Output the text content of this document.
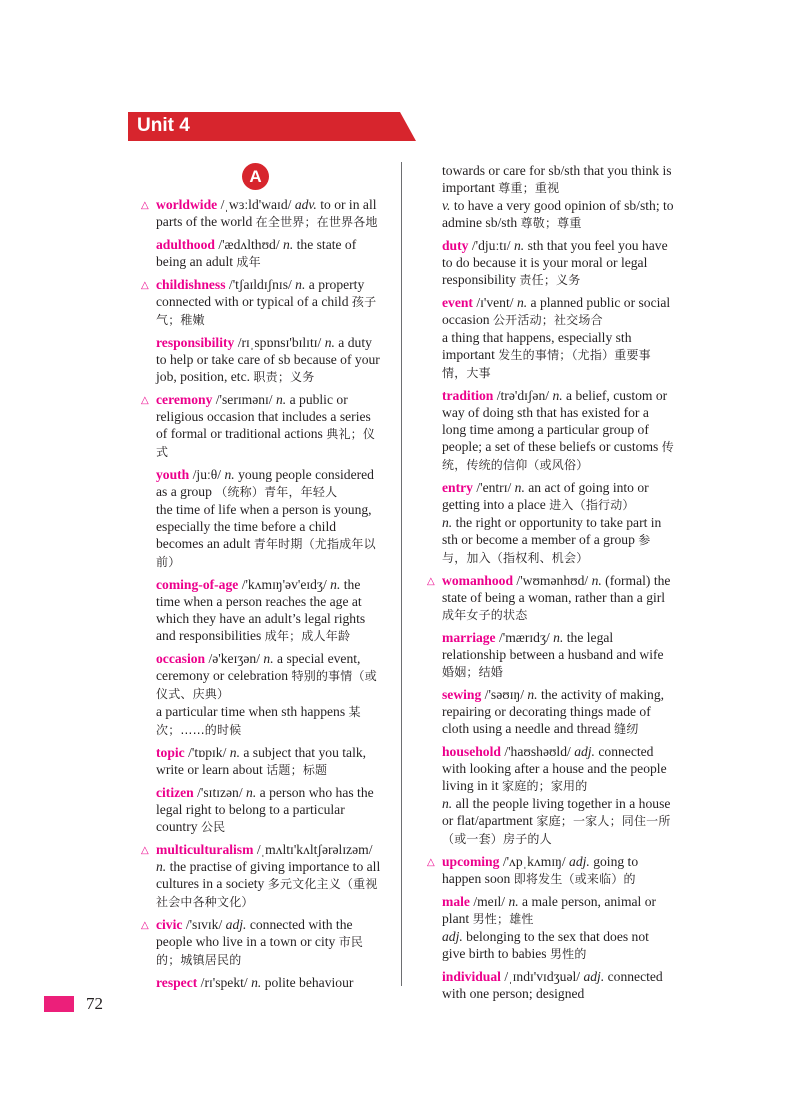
Unit 4
A
△ worldwide /ˌwɜːld'waɪd/ adv. to or in all parts of the world 在全世界；在世界各地
adulthood /'ædʌlthʊd/ n. the state of being an adult 成年
△ childishness /'tʃaɪldɪʃnɪs/ n. a property connected with or typical of a child 孩子气；稚嫩
responsibility /rɪˌspɒnsɪ'bɪlɪtɪ/ n. a duty to help or take care of sb because of your job, position, etc. 职责；义务
△ ceremony /'serɪmənɪ/ n. a public or religious occasion that includes a series of formal or traditional actions 典礼；仪式
youth /juːθ/ n. young people considered as a group （统称）青年，年轻人
the time of life when a person is young, especially the time before a child becomes an adult 青年时期（尤指成年以前）
coming-of-age /'kʌmɪŋ'əv'eɪdʒ/ n. the time when a person reaches the age at which they have an adult’s legal rights and responsibilities 成年；成人年龄
occasion /ə'keɪʒən/ n. a special event, ceremony or celebration 特别的事情（或仪式、庆典）
a particular time when sth happens 某次；……的时候
topic /'tɒpɪk/ n. a subject that you talk, write or learn about 话题；标题
citizen /'sɪtɪzən/ n. a person who has the legal right to belong to a particular country 公民
△ multiculturalism /ˌmʌltɪ'kʌltʃərəlɪzəm/ n. the practise of giving importance to all cultures in a society 多元文化主义（重视社会中各种文化）
△ civic /'sɪvɪk/ adj. connected with the people who live in a town or city 市民的；城镇居民的
respect /rɪ'spekt/ n. polite behaviour
towards or care for sb/sth that you think is important 尊重；重视
v. to have a very good opinion of sb/sth; to admine sb/sth 尊敬；尊重
duty /'djuːtɪ/ n. sth that you feel you have to do because it is your moral or legal responsibility 责任；义务
event /ɪ'vent/ n. a planned public or social occasion 公开活动；社交场合
a thing that happens, especially sth important 发生的事情；（尤指）重要事情，大事
tradition /trə'dɪʃən/ n. a belief, custom or way of doing sth that has existed for a long time among a particular group of people; a set of these beliefs or customs 传统，传统的信仰（或风俗）
entry /'entrɪ/ n. an act of going into or getting into a place 进入（指行动）
n. the right or opportunity to take part in sth or become a member of a group 参与，加入（指权利、机会）
△ womanhood /'wʊmənhʊd/ n. (formal) the state of being a woman, rather than a girl 成年女子的状态
marriage /'mærɪdʒ/ n. the legal relationship between a husband and wife 婚姻；结婚
sewing /'səʊɪŋ/ n. the activity of making, repairing or decorating things made of cloth using a needle and thread 缝纫
household /'haʊshəʊld/ adj. connected with looking after a house and the people living in it 家庭的；家用的
n. all the people living together in a house or flat/apartment 家庭；一家人；同住一所（或一套）房子的人
△ upcoming /'ʌpˌkʌmɪŋ/ adj. going to happen soon 即将发生（或来临）的
male /meɪl/ n. a male person, animal or plant 男性；雄性
adj. belonging to the sex that does not give birth to babies 男性的
individual /ˌɪndɪ'vɪdʒuəl/ adj. connected with one person; designed
72
